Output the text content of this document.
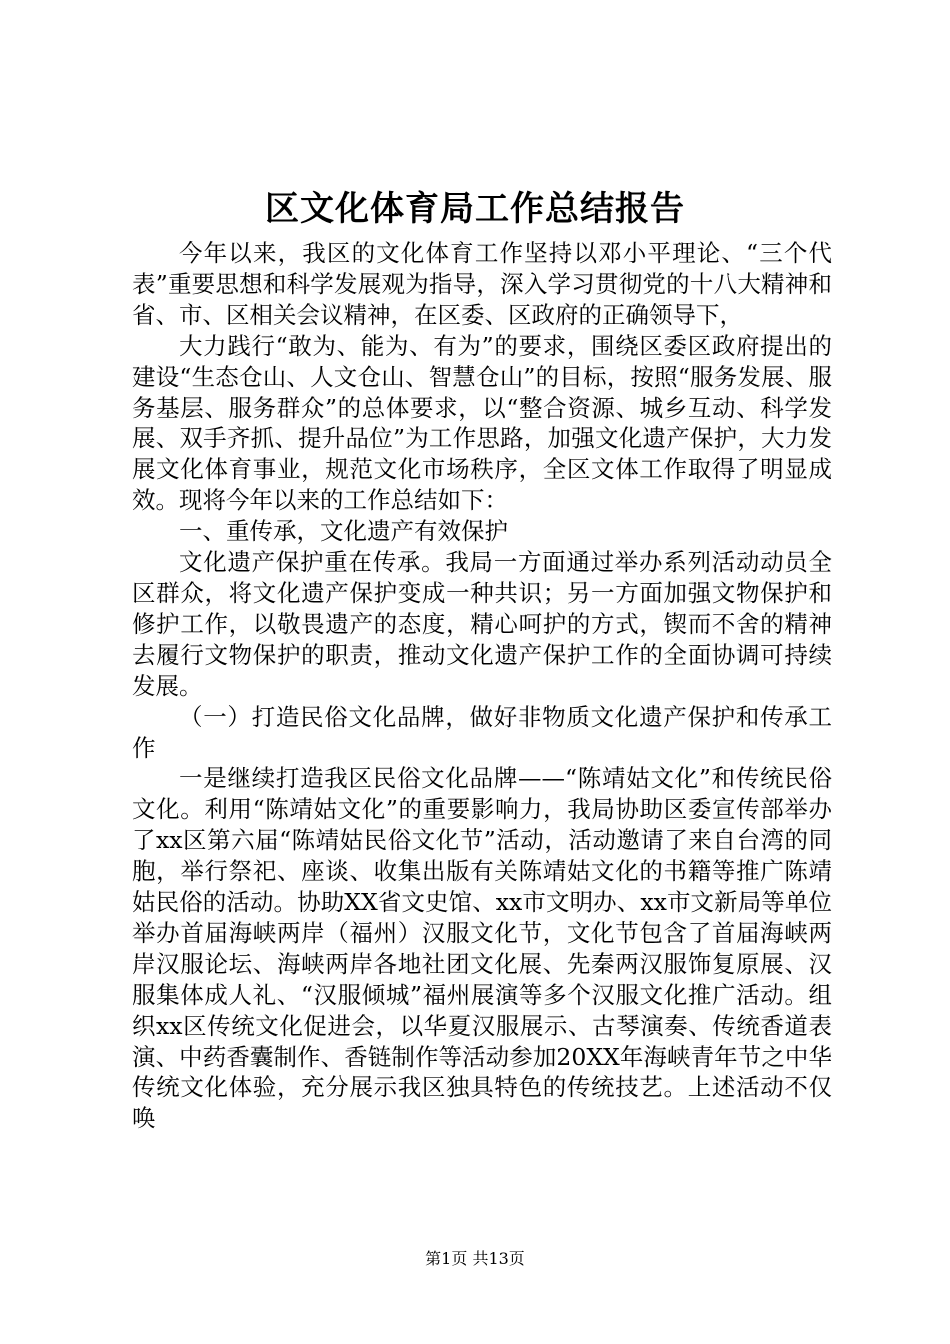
区文化体育局工作总结报告

今年以来，我区的文化体育工作坚持以邓小平理论、“三个代表”重要思想和科学发展观为指导，深入学习贯彻党的十八大精神和省、市、区相关会议精神，在区委、区政府的正确领导下，

大力践行“敢为、能为、有为”的要求，围绕区委区政府提出的建设“生态仓山、人文仓山、智慧仓山”的目标，按照“服务发展、服务基层、服务群众”的总体要求，以“整合资源、城乡互动、科学发展、双手齐抓、提升品位”为工作思路，加强文化遗产保护，大力发展文化体育事业，规范文化市场秩序，全区文体工作取得了明显成效。现将今年以来的工作总结如下：

一、重传承，文化遗产有效保护

文化遗产保护重在传承。我局一方面通过举办系列活动动员全区群众，将文化遗产保护变成一种共识；另一方面加强文物保护和修护工作，以敬畏遗产的态度，精心呵护的方式，锲而不舍的精神去履行文物保护的职责，推动文化遗产保护工作的全面协调可持续发展。

（一）打造民俗文化品牌，做好非物质文化遗产保护和传承工作

一是继续打造我区民俗文化品牌——“陈靖姑文化”和传统民俗文化。利用“陈靖姑文化”的重要影响力，我局协助区委宣传部举办了xx区第六届“陈靖姑民俗文化节”活动，活动邀请了来自台湾的同胞，举行祭祀、座谈、收集出版有关陈靖姑文化的书籍等推广陈靖姑民俗的活动。协助XX省文史馆、xx市文明办、xx市文新局等单位举办首届海峡两岸（福州）汉服文化节，文化节包含了首届海峡两岸汉服论坛、海峡两岸各地社团文化展、先秦两汉服饰复原展、汉服集体成人礼、“汉服倾城”福州展演等多个汉服文化推广活动。组织xx区传统文化促进会，以华夏汉服展示、古琴演奏、传统香道表演、中药香囊制作、香链制作等活动参加20XX年海峡青年节之中华传统文化体验，充分展示我区独具特色的传统技艺。上述活动不仅唤

第1页 共13页
